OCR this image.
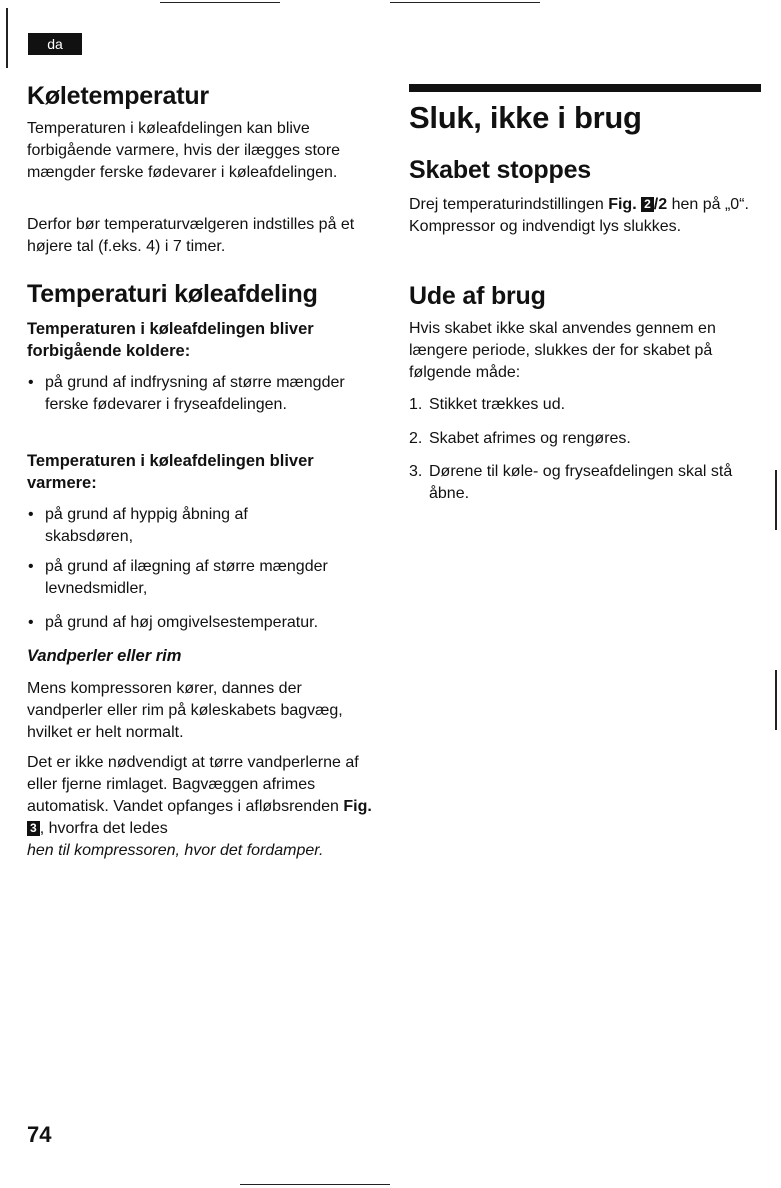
da
Køletemperatur

Temperaturen i køleafdelingen kan blive forbigående varmere, hvis der ilægges store mængder ferske fødevarer i køleafdelingen.

Derfor bør temperaturvælgeren indstilles på et højere tal (f.eks. 4) i 7 timer.

Temperaturi køleafdeling
Temperaturen i køleafdelingen bliver forbigående koldere:

• på grund af indfrysning af større mængder ferske fødevarer i fryseafdelingen.

Temperaturen i køleafdelingen bliver varmere:

• på grund af hyppig åbning af skabsdøren,

• på grund af ilægning af større mængder levnedsmidler,

• på grund af høj omgivelsestemperatur.

Vandperler eller rim

Mens kompressoren kører, dannes der vandperler eller rim på køleskabets bagvæg, hvilket er helt normalt.

Det er ikke nødvendigt at tørre vandperlerne af eller fjerne rimlaget. Bagvæggen afrimes automatisk. Vandet opfanges i afløbsrenden Fig. 3 , hvorfra det ledes
hen til kompressoren, hvor det fordamper.

Sluk, ikke i brug
Skabet stoppes

Drej temperaturindstillingen Fig. 2 /2 hen på „0“. Kompressor og indvendigt lys slukkes.

Ude af brug

Hvis skabet ikke skal anvendes gennem en længere periode, slukkes der for skabet på følgende måde:

1. Stikket trækkes ud.

2. Skabet afrimes og rengøres.

3. Dørene til køle- og fryseafdelingen skal stå åbne.

74
